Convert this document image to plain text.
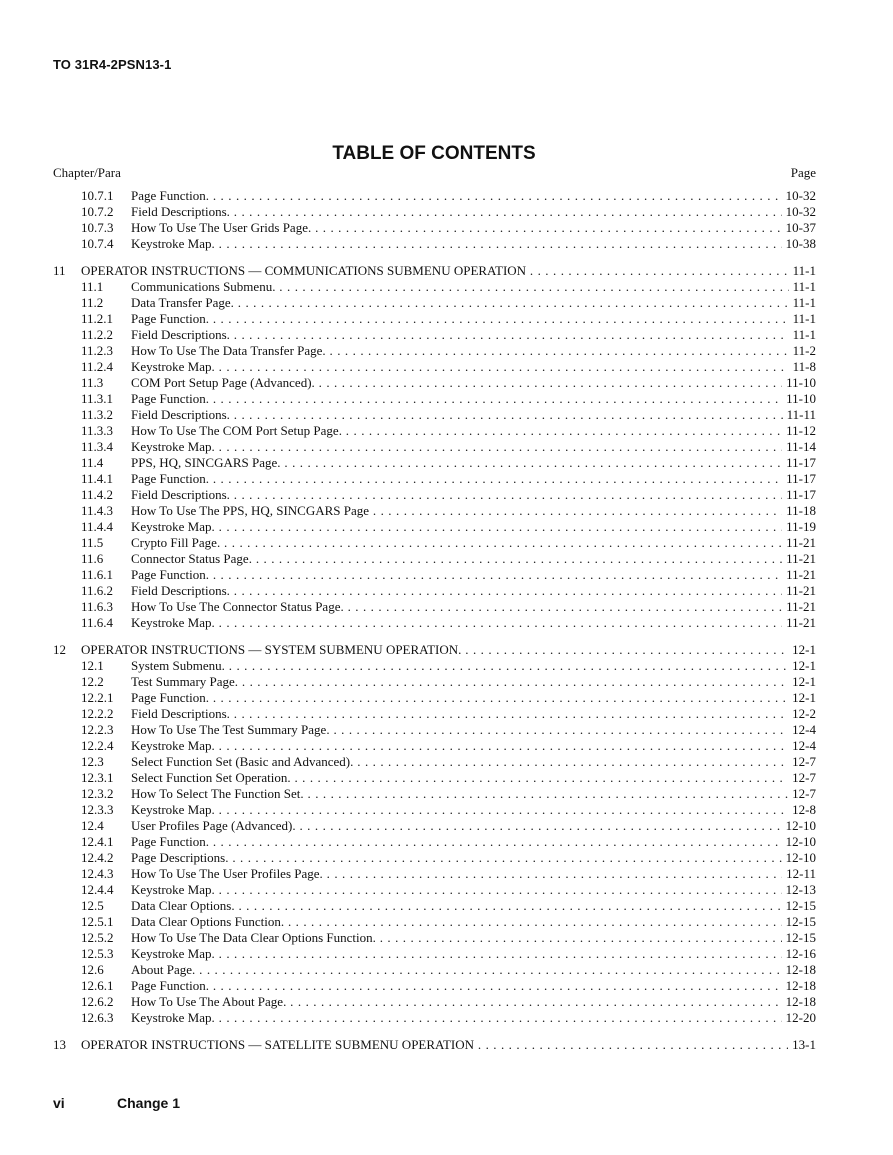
TO 31R4-2PSN13-1
TABLE OF CONTENTS
Chapter/Para	Page
10.7.1	Page Function. . . .	10-32
10.7.2	Field Descriptions. . . .	10-32
10.7.3	How To Use The User Grids Page. . . .	10-37
10.7.4	Keystroke Map. . . .	10-38
11	OPERATOR INSTRUCTIONS — COMMUNICATIONS SUBMENU OPERATION . . .	11-1
11.1	Communications Submenu. . . .	11-1
11.2	Data Transfer Page. . . .	11-1
11.2.1	Page Function. . . .	11-1
11.2.2	Field Descriptions. . . .	11-1
11.2.3	How To Use The Data Transfer Page. . . .	11-2
11.2.4	Keystroke Map. . . .	11-8
11.3	COM Port Setup Page (Advanced). . . .	11-10
11.3.1	Page Function. . . .	11-10
11.3.2	Field Descriptions. . . .	11-11
11.3.3	How To Use The COM Port Setup Page. . . .	11-12
11.3.4	Keystroke Map. . . .	11-14
11.4	PPS, HQ, SINCGARS Page. . . .	11-17
11.4.1	Page Function. . . .	11-17
11.4.2	Field Descriptions. . . .	11-17
11.4.3	How To Use The PPS, HQ, SINCGARS Page . . .	11-18
11.4.4	Keystroke Map. . . .	11-19
11.5	Crypto Fill Page. . . .	11-21
11.6	Connector Status Page. . . .	11-21
11.6.1	Page Function. . . .	11-21
11.6.2	Field Descriptions. . . .	11-21
11.6.3	How To Use The Connector Status Page. . . .	11-21
11.6.4	Keystroke Map. . . .	11-21
12	OPERATOR INSTRUCTIONS — SYSTEM SUBMENU OPERATION. . . .	12-1
12.1	System Submenu. . . .	12-1
12.2	Test Summary Page. . . .	12-1
12.2.1	Page Function. . . .	12-1
12.2.2	Field Descriptions. . . .	12-2
12.2.3	How To Use The Test Summary Page. . . .	12-4
12.2.4	Keystroke Map. . . .	12-4
12.3	Select Function Set (Basic and Advanced). . . .	12-7
12.3.1	Select Function Set Operation. . . .	12-7
12.3.2	How To Select The Function Set. . . .	12-7
12.3.3	Keystroke Map. . . .	12-8
12.4	User Profiles Page (Advanced). . . .	12-10
12.4.1	Page Function. . . .	12-10
12.4.2	Page Descriptions. . . .	12-10
12.4.3	How To Use The User Profiles Page. . . .	12-11
12.4.4	Keystroke Map. . . .	12-13
12.5	Data Clear Options. . . .	12-15
12.5.1	Data Clear Options Function. . . .	12-15
12.5.2	How To Use The Data Clear Options Function. . . .	12-15
12.5.3	Keystroke Map. . . .	12-16
12.6	About Page. . . .	12-18
12.6.1	Page Function. . . .	12-18
12.6.2	How To Use The About Page. . . .	12-18
12.6.3	Keystroke Map. . . .	12-20
13	OPERATOR INSTRUCTIONS — SATELLITE SUBMENU OPERATION . . .	13-1
vi	Change 1
